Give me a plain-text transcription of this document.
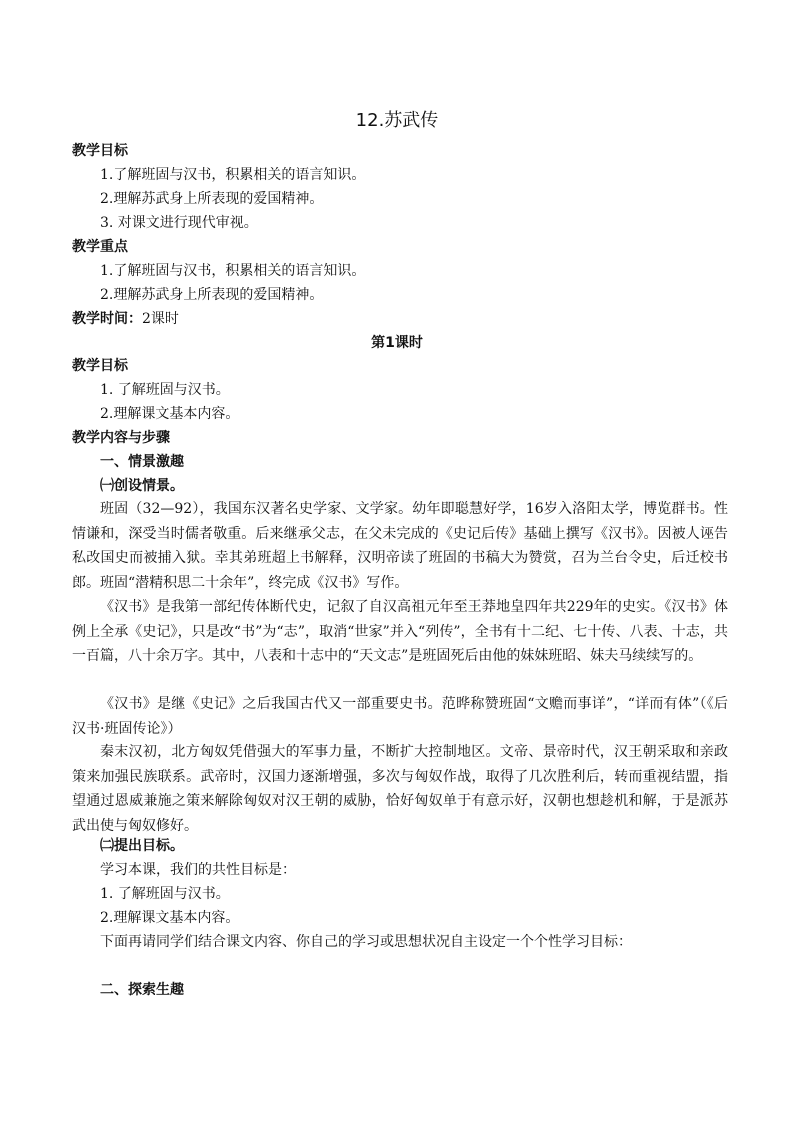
12.苏武传
教学目标
1.了解班固与汉书，积累相关的语言知识。
2.理解苏武身上所表现的爱国精神。
3. 对课文进行现代审视。
教学重点
1.了解班固与汉书，积累相关的语言知识。
2.理解苏武身上所表现的爱国精神。
教学时间：2课时
第1课时
教学目标
1. 了解班固与汉书。
2.理解课文基本内容。
教学内容与步骤
一、情景激趣
㈠创设情景。
班固（32—92），我国东汉著名史学家、文学家。幼年即聪慧好学，16岁入洛阳太学，博览群书。性情谦和，深受当时儒者敬重。后来继承父志，在父未完成的《史记后传》基础上撰写《汉书》。因被人诬告私改国史而被捕入狱。幸其弟班超上书解释，汉明帝读了班固的书稿大为赞赏，召为兰台令史，后迁校书郎。班固“潜精积思二十余年”，终完成《汉书》写作。
《汉书》是我第一部纪传体断代史，记叙了自汉高祖元年至王莽地皇四年共229年的史实。《汉书》体例上全承《史记》，只是改“书”为“志”，取消“世家”并入“列传”，全书有十二纪、七十传、八表、十志，共一百篇，八十余万字。其中，八表和十志中的“天文志”是班固死后由他的妹妹班昭、妹夫马续续写的。
《汉书》是继《史记》之后我国古代又一部重要史书。范晔称赞班固“文赡而事详”，“详而有体”（《后汉书·班固传论》）
秦末汉初，北方匈奴凭借强大的军事力量，不断扩大控制地区。文帝、景帝时代，汉王朝采取和亲政策来加强民族联系。武帝时，汉国力逐渐增强，多次与匈奴作战，取得了几次胜利后，转而重视结盟，指望通过恩威兼施之策来解除匈奴对汉王朝的威胁，恰好匈奴单于有意示好，汉朝也想趁机和解，于是派苏武出使与匈奴修好。
㈡提出目标。
学习本课，我们的共性目标是：
1. 了解班固与汉书。
2.理解课文基本内容。
下面再请同学们结合课文内容、你自己的学习或思想状况自主设定一个个性学习目标：
二、探索生趣
